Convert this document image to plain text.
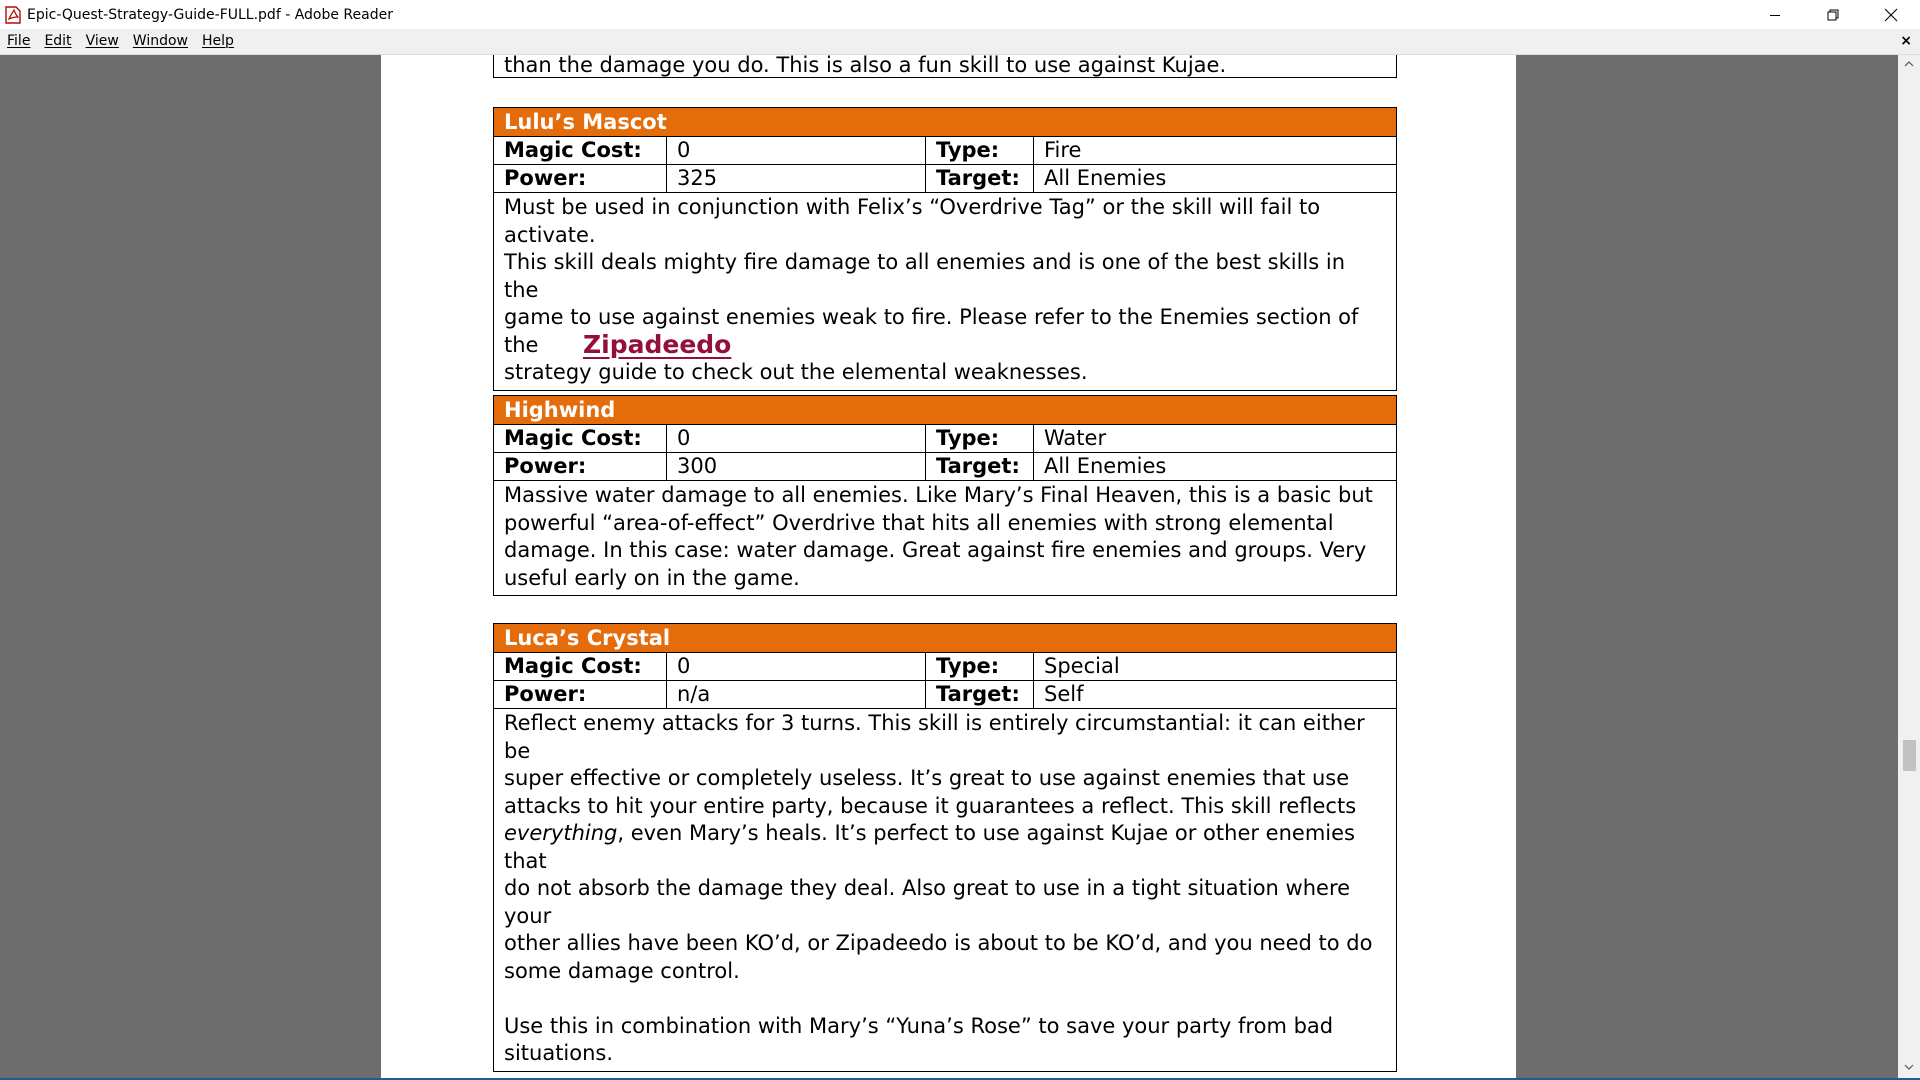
Epic-Quest-Strategy-Guide-FULL.pdf - Adobe Reader
File	Edit	View	Window	Help	×
than the damage you do. This is also a fun skill to use against Kujae.
Lulu’s Mascot
Magic Cost:	0	Type:	Fire
Power:	325	Target:	All Enemies
Must be used in conjunction with Felix’s “Overdrive Tag” or the skill will fail to activate.
This skill deals mighty fire damage to all enemies and is one of the best skills in the
game to use against enemies weak to fire. Please refer to the Enemies section of the
strategy guide to check out the elemental weaknesses.
Zipadeedo
Highwind
Magic Cost:	0	Type:	Water
Power:	300	Target:	All Enemies
Massive water damage to all enemies. Like Mary’s Final Heaven, this is a basic but
powerful “area-of-effect” Overdrive that hits all enemies with strong elemental
damage. In this case: water damage. Great against fire enemies and groups. Very
useful early on in the game.
Luca’s Crystal
Magic Cost:	0	Type:	Special
Power:	n/a	Target:	Self
Reflect enemy attacks for 3 turns. This skill is entirely circumstantial: it can either be
super effective or completely useless. It’s great to use against enemies that use
attacks to hit your entire party, because it guarantees a reflect. This skill reflects
everything, even Mary’s heals. It’s perfect to use against Kujae or other enemies that
do not absorb the damage they deal. Also great to use in a tight situation where your
other allies have been KO’d, or Zipadeedo is about to be KO’d, and you need to do
some damage control.
Use this in combination with Mary’s “Yuna’s Rose” to save your party from bad
situations.
